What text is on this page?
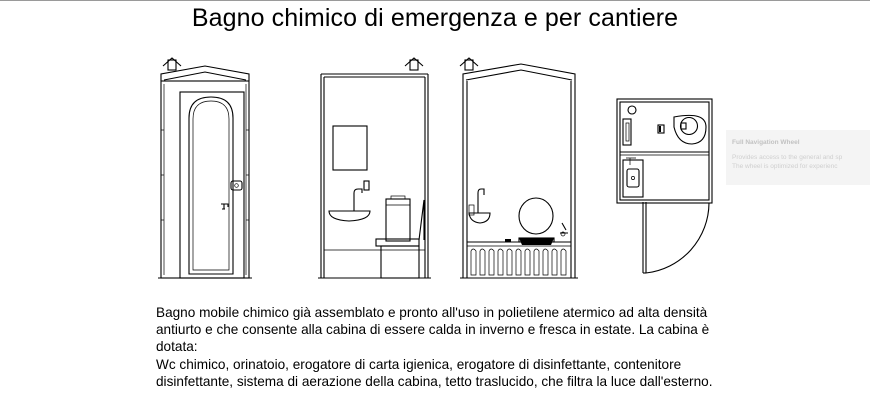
Bagno chimico di emergenza e per cantiere
Full Navigation Wheel
Provides access to the general and sp
The wheel is optimized for experienc

Bagno mobile chimico già assemblato e pronto all'uso in polietilene atermico ad alta densità antiurto e che consente alla cabina di essere calda in inverno e fresca in estate. La cabina è dotata:

Wc chimico, orinatoio, erogatore di carta igienica, erogatore di disinfettante, contenitore disinfettante, sistema di aerazione della cabina, tetto traslucido, che filtra la luce dall'esterno.
